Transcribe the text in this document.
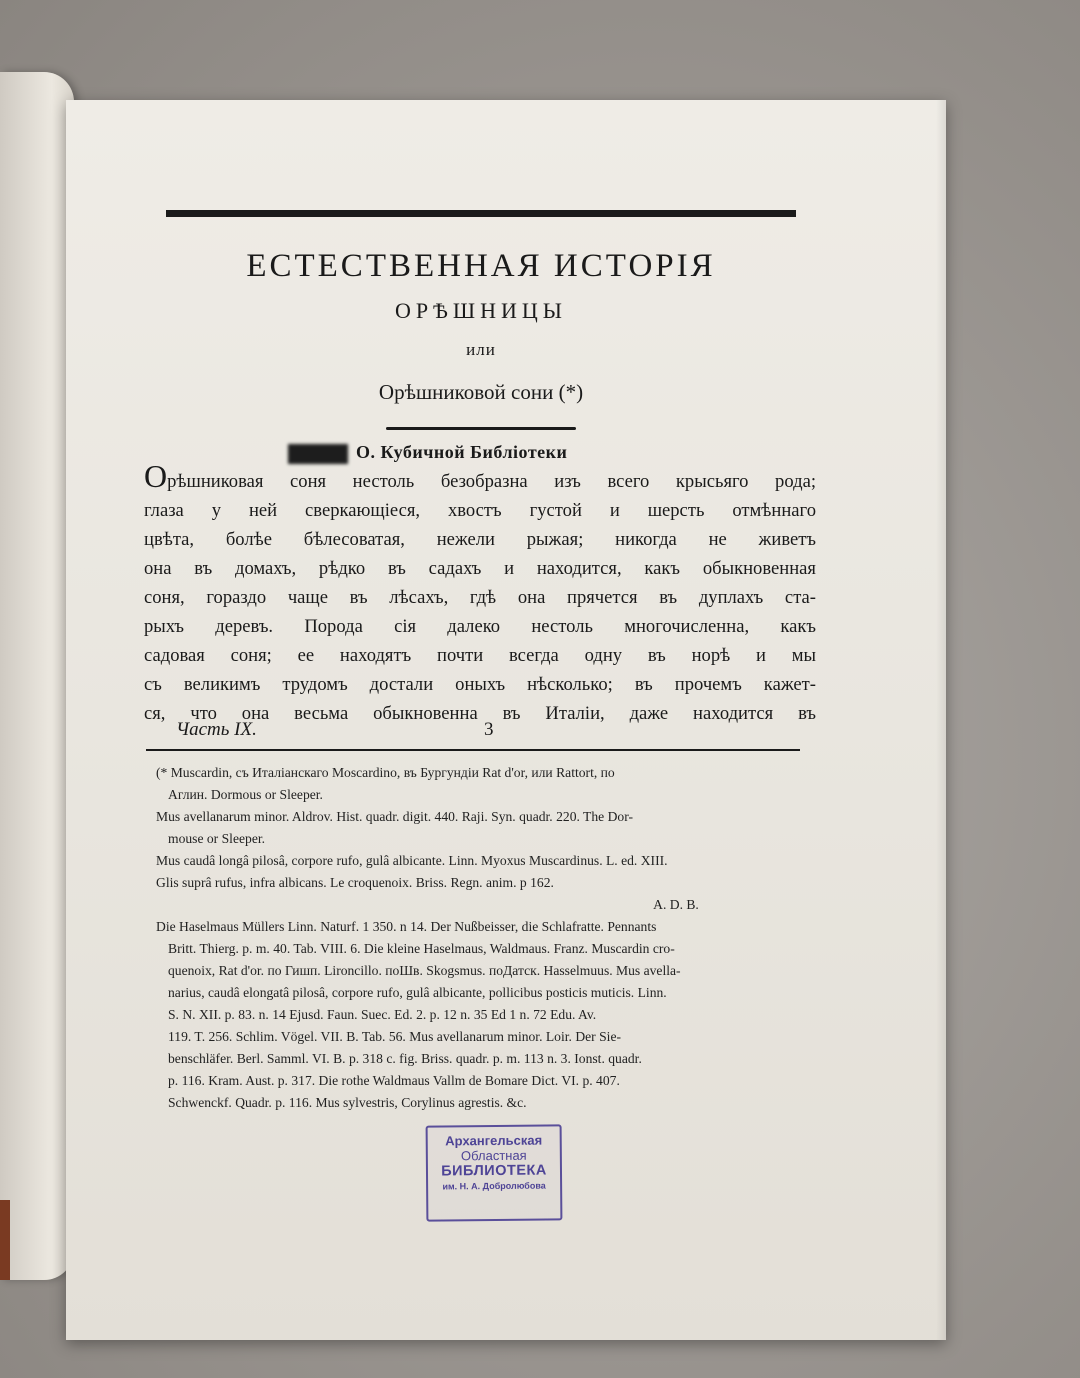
ЕСТЕСТВЕННАЯ ИСТОРІЯ
ОРѢШНИЦЫ
или
Орѣшниковой сони (*)
О. Кубичной Библіотеки
Орѣшниковая соня нестоль безобразна изъ всего крысьяго рода;
глаза у ней сверкающіеся, хвостъ густой и шерсть отмѣннаго
цвѣта, болѣе бѣлесоватая, нежели рыжая; никогда не живетъ
она въ домахъ, рѣдко въ садахъ и находится, какъ обыкновенная
соня, гораздо чаще въ лѣсахъ, гдѣ она прячется въ дуплахъ ста-
рыхъ деревъ. Порода сія далеко нестоль многочисленна, какъ
садовая соня; ее находятъ почти всегда одну въ норѣ и мы
съ великимъ трудомъ достали оныхъ нѣсколько; въ прочемъ кажет-
ся, что она весьма обыкновенна въ Италіи, даже находится въ
Часть IX.	3
(* Muscardin, съ Италіанскаго Moscardino, въ Бургундіи Rat d'or, или Rattort, по
Аглин. Dormous or Sleeper.
Mus avellanarum minor. Aldrov. Hist. quadr. digit. 440. Raji. Syn. quadr. 220. The Dor-
mouse or Sleeper.
Mus caudâ longâ pilosâ, corpore rufo, gulâ albicante. Linn. Myoxus Muscardinus. L. ed. XIII.
Glis suprâ rufus, infra albicans. Le croquenoix. Briss. Regn. anim. p 162.
A. D. B.
Die Haselmaus Müllers Linn. Naturf. 1 350. n 14. Der Nußbeisser, die Schlafratte. Pennants
Britt. Thierg. p. m. 40. Tab. VIII. 6. Die kleine Haselmaus, Waldmaus. Franz. Muscardin cro-
quenoix, Rat d'or. по Гишп. Lironcillo. поШв. Skogsmus. поДатск. Hasselmuus. Mus avella-
narius, caudâ elongatâ pilosâ, corpore rufo, gulâ albicante, pollicibus posticis muticis. Linn.
S. N. XII. p. 83. n. 14 Ejusd. Faun. Suec. Ed. 2. p. 12 n. 35 Ed 1 n. 72 Edu. Av.
119. T. 256. Schlim. Vögel. VII. B. Tab. 56. Mus avellanarum minor. Loir. Der Sie-
benschläfer. Berl. Samml. VI. B. p. 318 c. fig. Briss. quadr. p. m. 113 n. 3. Ionst. quadr.
p. 116. Kram. Aust. p. 317. Die rothe Waldmaus Vallm de Bomare Dict. VI. p. 407.
Schwenckf. Quadr. p. 116. Mus sylvestris, Corylinus agrestis. &c.
Архангельская
Областная
БИБЛИОТЕКА
им. Н. А. Добролюбова
